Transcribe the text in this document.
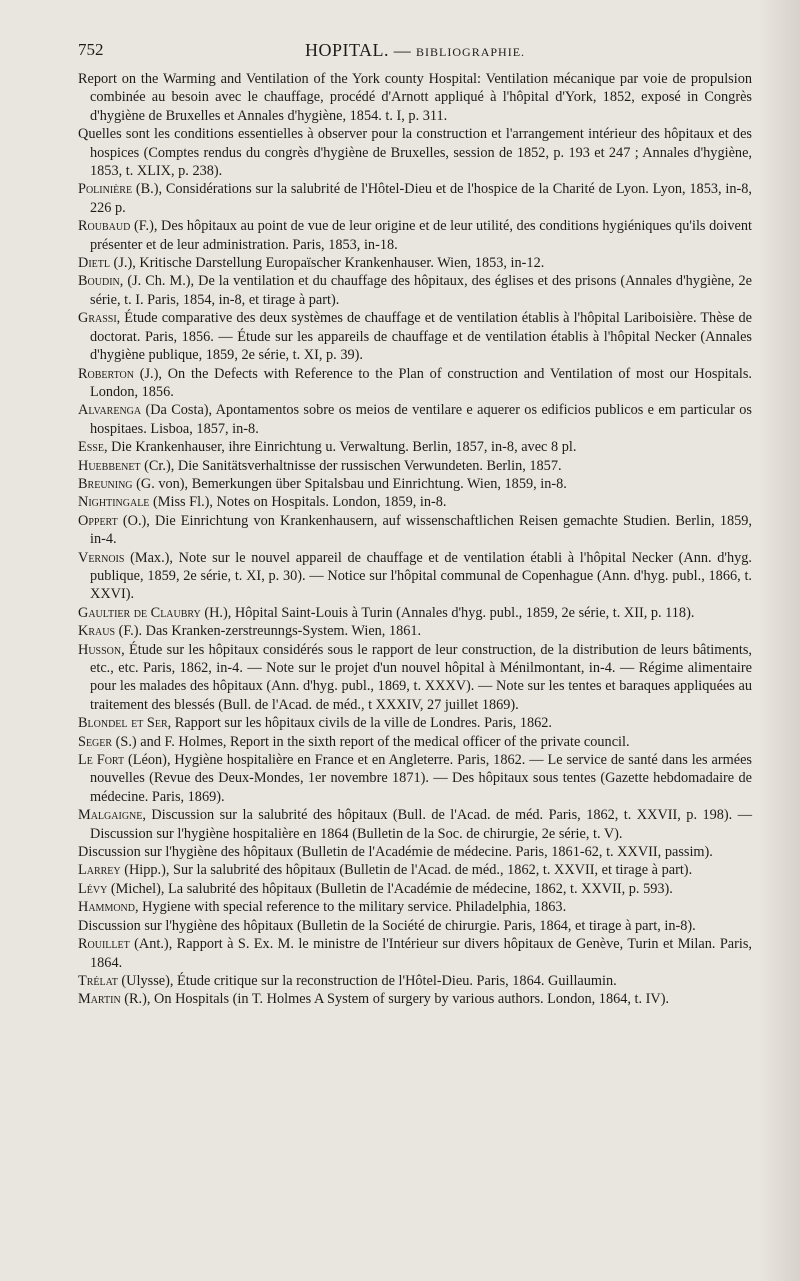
752	HOPITAL. — BIBLIOGRAPHIE.

Report on the Warming and Ventilation of the York county Hospital: Ventilation mécanique par voie de propulsion combinée au besoin avec le chauffage, procédé d'Arnott appliqué à l'hôpital d'York, 1852, exposé in Congrès d'hygiène de Bruxelles et Annales d'hygiène, 1854. t. I, p. 311.

Quelles sont les conditions essentielles à observer pour la construction et l'arrangement intérieur des hôpitaux et des hospices (Comptes rendus du congrès d'hygiène de Bruxelles, session de 1852, p. 193 et 247 ; Annales d'hygiène, 1853, t. XLIX, p. 238).

Polinière (B.), Considérations sur la salubrité de l'Hôtel-Dieu et de l'hospice de la Charité de Lyon. Lyon, 1853, in-8, 226 p.

Roubaud (F.), Des hôpitaux au point de vue de leur origine et de leur utilité, des conditions hygiéniques qu'ils doivent présenter et de leur administration. Paris, 1853, in-18.

Dietl (J.), Kritische Darstellung Europaïscher Krankenhauser. Wien, 1853, in-12.

Boudin, (J. Ch. M.), De la ventilation et du chauffage des hôpitaux, des églises et des prisons (Annales d'hygiène, 2e série, t. I. Paris, 1854, in-8, et tirage à part).

Grassi, Étude comparative des deux systèmes de chauffage et de ventilation établis à l'hôpital Lariboisière. Thèse de doctorat. Paris, 1856. — Étude sur les appareils de chauffage et de ventilation établis à l'hôpital Necker (Annales d'hygiène publique, 1859, 2e série, t. XI, p. 39).

Roberton (J.), On the Defects with Reference to the Plan of construction and Ventilation of most our Hospitals. London, 1856.

Alvarenga (Da Costa), Apontamentos sobre os meios de ventilare e aquerer os edificios publicos e em particular os hospitaes. Lisboa, 1857, in-8.

Esse, Die Krankenhauser, ihre Einrichtung u. Verwaltung. Berlin, 1857, in-8, avec 8 pl.

Huebbenet (Cr.), Die Sanitätsverhaltnisse der russischen Verwundeten. Berlin, 1857.

Breuning (G. von), Bemerkungen über Spitalsbau und Einrichtung. Wien, 1859, in-8.

Nightingale (Miss Fl.), Notes on Hospitals. London, 1859, in-8.

Oppert (O.), Die Einrichtung von Krankenhausern, auf wissenschaftlichen Reisen gemachte Studien. Berlin, 1859, in-4.

Vernois (Max.), Note sur le nouvel appareil de chauffage et de ventilation établi à l'hôpital Necker (Ann. d'hyg. publique, 1859, 2e série, t. XI, p. 30). — Notice sur l'hôpital communal de Copenhague (Ann. d'hyg. publ., 1866, t. XXVI).

Gaultier de Claubry (H.), Hôpital Saint-Louis à Turin (Annales d'hyg. publ., 1859, 2e série, t. XII, p. 118).

Kraus (F.). Das Kranken-zerstreunngs-System. Wien, 1861.

Husson, Étude sur les hôpitaux considérés sous le rapport de leur construction, de la distribution de leurs bâtiments, etc., etc. Paris, 1862, in-4. — Note sur le projet d'un nouvel hôpital à Ménilmontant, in-4. — Régime alimentaire pour les malades des hôpitaux (Ann. d'hyg. publ., 1869, t. XXXV). — Note sur les tentes et baraques appliquées au traitement des blessés (Bull. de l'Acad. de méd., t XXXIV, 27 juillet 1869).

Blondel et Ser, Rapport sur les hôpitaux civils de la ville de Londres. Paris, 1862.

Seger (S.) and F. Holmes, Report in the sixth report of the medical officer of the private council.

Le Fort (Léon), Hygiène hospitalière en France et en Angleterre. Paris, 1862. — Le service de santé dans les armées nouvelles (Revue des Deux-Mondes, 1er novembre 1871). — Des hôpitaux sous tentes (Gazette hebdomadaire de médecine. Paris, 1869).

Malgaigne, Discussion sur la salubrité des hôpitaux (Bull. de l'Acad. de méd. Paris, 1862, t. XXVII, p. 198). — Discussion sur l'hygiène hospitalière en 1864 (Bulletin de la Soc. de chirurgie, 2e série, t. V).

Discussion sur l'hygiène des hôpitaux (Bulletin de l'Académie de médecine. Paris, 1861-62, t. XXVII, passim).

Larrey (Hipp.), Sur la salubrité des hôpitaux (Bulletin de l'Acad. de méd., 1862, t. XXVII, et tirage à part).

Lévy (Michel), La salubrité des hôpitaux (Bulletin de l'Académie de médecine, 1862, t. XXVII, p. 593).

Hammond, Hygiene with special reference to the military service. Philadelphia, 1863.

Discussion sur l'hygiène des hôpitaux (Bulletin de la Société de chirurgie. Paris, 1864, et tirage à part, in-8).

Rouillet (Ant.), Rapport à S. Ex. M. le ministre de l'Intérieur sur divers hôpitaux de Genève, Turin et Milan. Paris, 1864.

Trélat (Ulysse), Étude critique sur la reconstruction de l'Hôtel-Dieu. Paris, 1864. Guillaumin.

Martin (R.), On Hospitals (in T. Holmes A System of surgery by various authors. London, 1864, t. IV).
